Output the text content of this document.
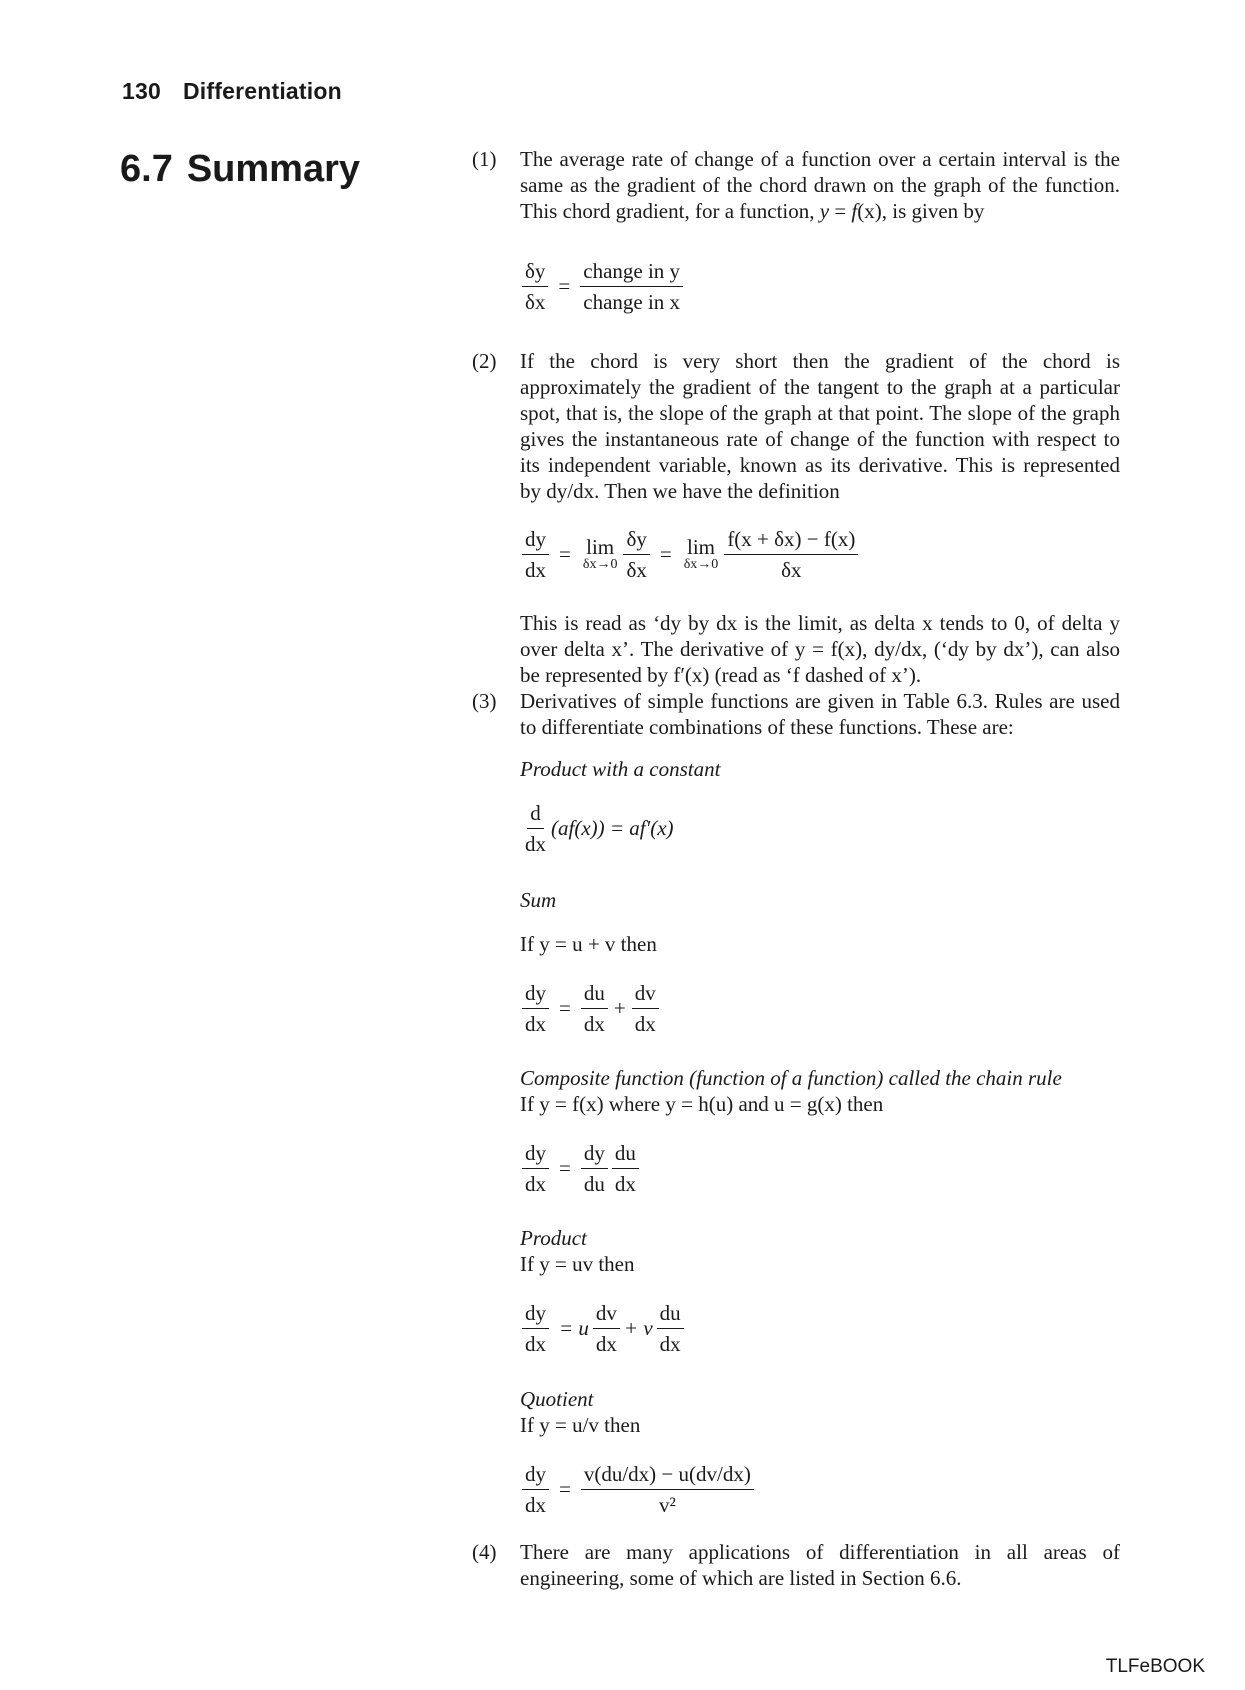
130 Differentiation
6.7 Summary	(1) The average rate of change of a function over a certain interval is the same as the gradient of the chord drawn on the graph of the function. This chord gradient, for a function, y = f(x), is given by
$\frac{\delta y}{\delta x} = \frac{\text{change in y}}{\text{change in x}}$
(2) If the chord is very short then the gradient of the chord is approximately the gradient of the tangent to the graph at a particular spot, that is, the slope of the graph at that point. The slope of the graph gives the instantaneous rate of change of the function with respect to its independent variable, known as its derivative. This is represented by dy/dx. Then we have the definition
$\frac{dy}{dx} = \lim$
$\delta x\to 0 \frac{\delta y}{\delta x} = \lim$
$\delta x\to 0 \frac{f(x + \delta x) - f(x)}{\delta x}$
This is read as ‘dy by dx is the limit, as delta x tends to 0, of delta y over delta x’. The derivative of y = f(x), dy/dx, (‘dy by dx’), can also be represented by f′(x) (read as ‘f dashed of x’).
(3) Derivatives of simple functions are given in Table 6.3. Rules are used to differentiate combinations of these functions. These are:
Product with a constant
$\frac{d}{dx} (af(x)) = af'(x)$
Sum
If y = u + v then
$\frac{dy}{dx} = \frac{du}{dx} + \frac{dv}{dx}$
Composite function (function of a function) called the chain rule
If y = f(x) where y = h(u) and u = g(x) then
$\frac{dy}{dx} = \frac{dy}{du} \frac{du}{dx}$
Product
If y = uv then
$\frac{dy}{dx} = u \frac{dv}{dx} + v \frac{du}{dx}$
Quotient
If y = u/v then
$\frac{dy}{dx} = \frac{v(du/dx) - u(dv/dx)}{\text{v²}}$
(4) There are many applications of differentiation in all areas of engineering, some of which are listed in Section 6.6.
TLFeBOOK
